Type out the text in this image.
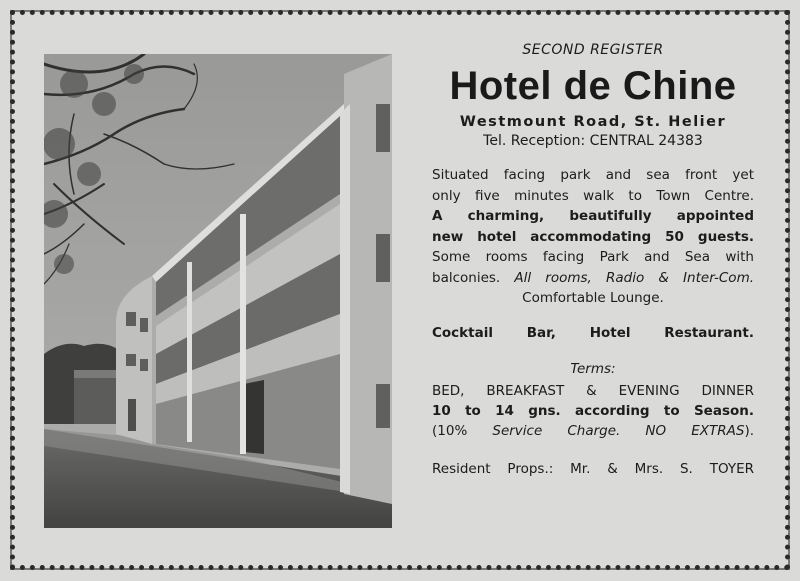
SECOND REGISTER
Hotel de Chine
Westmount Road, St. Helier
Tel. Reception: CENTRAL 24383
Situated facing park and sea front yet
only five minutes walk to Town Centre.
A charming, beautifully appointed
new hotel accommodating 50 guests.
Some rooms facing Park and Sea with
balconies. All rooms, Radio & Inter-Com.
Comfortable Lounge.
Cocktail Bar, Hotel Restaurant.
Terms:
BED, BREAKFAST & EVENING DINNER
10 to 14 gns. according to Season.
(10% Service Charge. NO EXTRAS).
Resident Props.: Mr. & Mrs. S. TOYER
